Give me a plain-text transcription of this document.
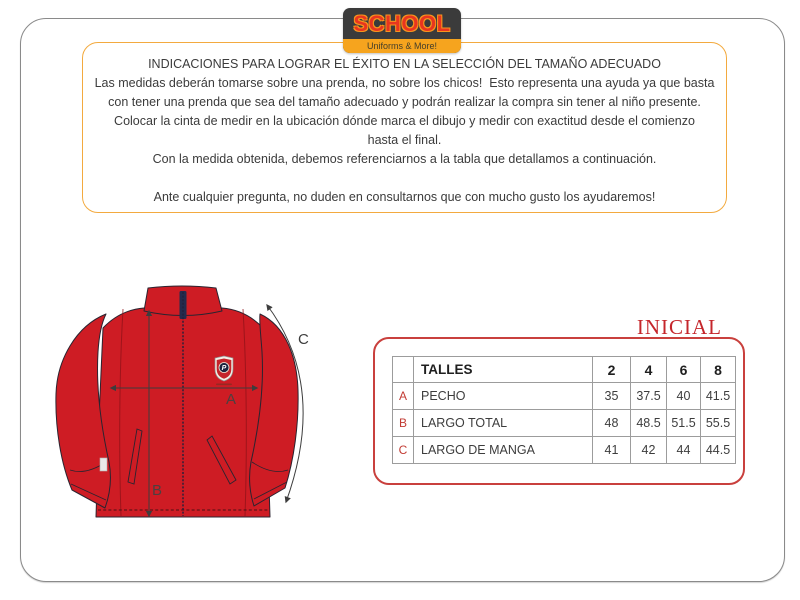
SCHOOL
Uniforms & More!
INDICACIONES PARA LOGRAR EL ÉXITO EN LA SELECCIÓN DEL TAMAÑO ADECUADO
Las medidas deberán tomarse sobre una prenda, no sobre los chicos!  Esto representa una ayuda ya que basta
con tener una prenda que sea del tamaño adecuado y podrán realizar la compra sin tener al niño presente.
Colocar la cinta de medir en la ubicación dónde marca el dibujo y medir con exactitud desde el comienzo
hasta el final.
Con la medida obtenida, debemos referenciarnos a la tabla que detallamos a continuación.

Ante cualquier pregunta, no duden en consultarnos que con mucho gusto los ayudaremos!
P
A
B
C
INICIAL
	TALLES	2	4	6	8
A	PECHO	35	37.5	40	41.5
B	LARGO TOTAL	48	48.5	51.5	55.5
C	LARGO DE MANGA	41	42	44	44.5
